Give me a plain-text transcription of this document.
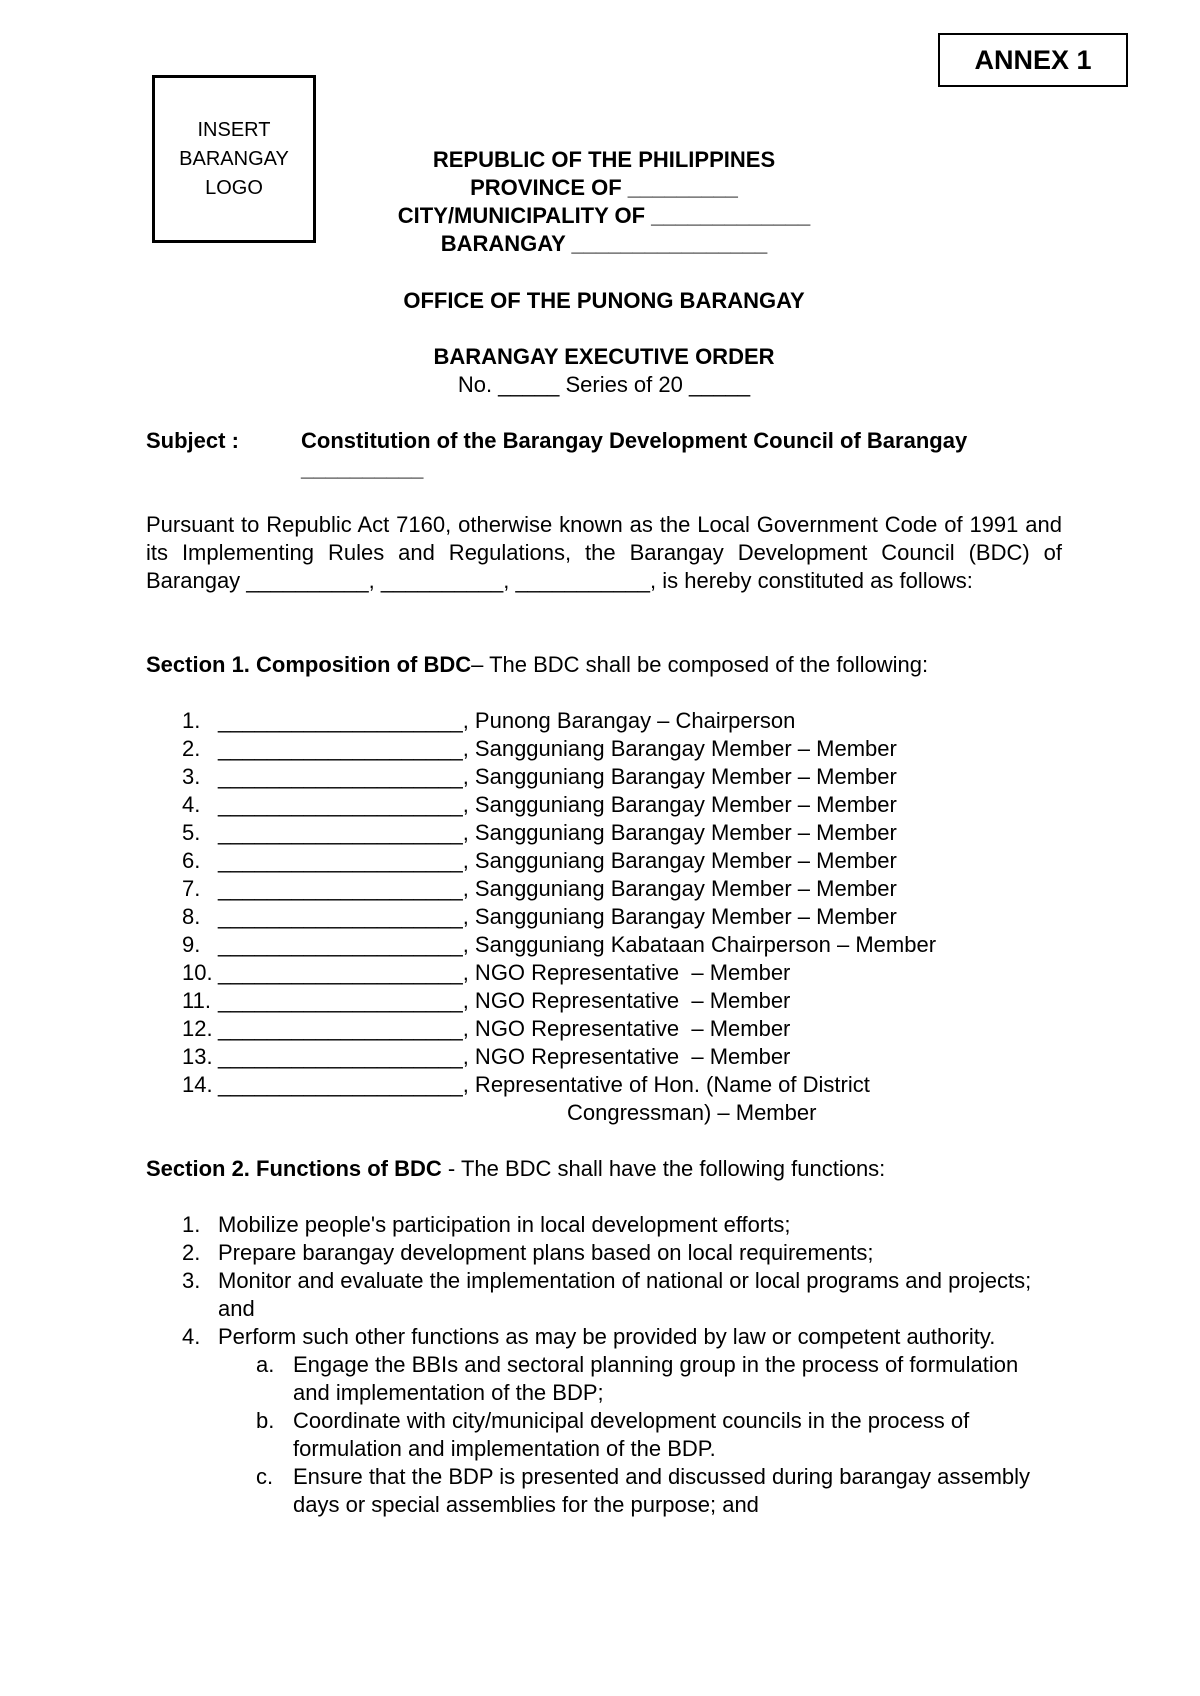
ANNEX 1
INSERT
BARANGAY
LOGO
REPUBLIC OF THE PHILIPPINES
PROVINCE OF _________
CITY/MUNICIPALITY OF _____________
BARANGAY ________________
OFFICE OF THE PUNONG BARANGAY
BARANGAY EXECUTIVE ORDER
No. _____ Series of 20 _____
Subject :	Constitution of the Barangay Development Council of Barangay __________
Pursuant to Republic Act 7160, otherwise known as the Local Government Code of 1991 and its Implementing Rules and Regulations, the Barangay Development Council (BDC) of Barangay __________, __________, ___________, is hereby constituted as follows:
Section 1. Composition of BDC– The BDC shall be composed of the following:
1. ____________________, Punong Barangay – Chairperson
2. ____________________, Sangguniang Barangay Member – Member
3. ____________________, Sangguniang Barangay Member – Member
4. ____________________, Sangguniang Barangay Member – Member
5. ____________________, Sangguniang Barangay Member – Member
6. ____________________, Sangguniang Barangay Member – Member
7. ____________________, Sangguniang Barangay Member – Member
8. ____________________, Sangguniang Barangay Member – Member
9. ____________________, Sangguniang Kabataan Chairperson – Member
10. ____________________, NGO Representative  – Member
11. ____________________, NGO Representative  – Member
12. ____________________, NGO Representative  – Member
13. ____________________, NGO Representative  – Member
14. ____________________, Representative of Hon. (Name of District
Congressman) – Member
Section 2. Functions of BDC - The BDC shall have the following functions:
1. Mobilize people's participation in local development efforts;
2. Prepare barangay development plans based on local requirements;
3. Monitor and evaluate the implementation of national or local programs and projects; and
4. Perform such other functions as may be provided by law or competent authority.
a. Engage the BBIs and sectoral planning group in the process of formulation and implementation of the BDP;
b. Coordinate with city/municipal development councils in the process of formulation and implementation of the BDP.
c. Ensure that the BDP is presented and discussed during barangay assembly days or special assemblies for the purpose; and
